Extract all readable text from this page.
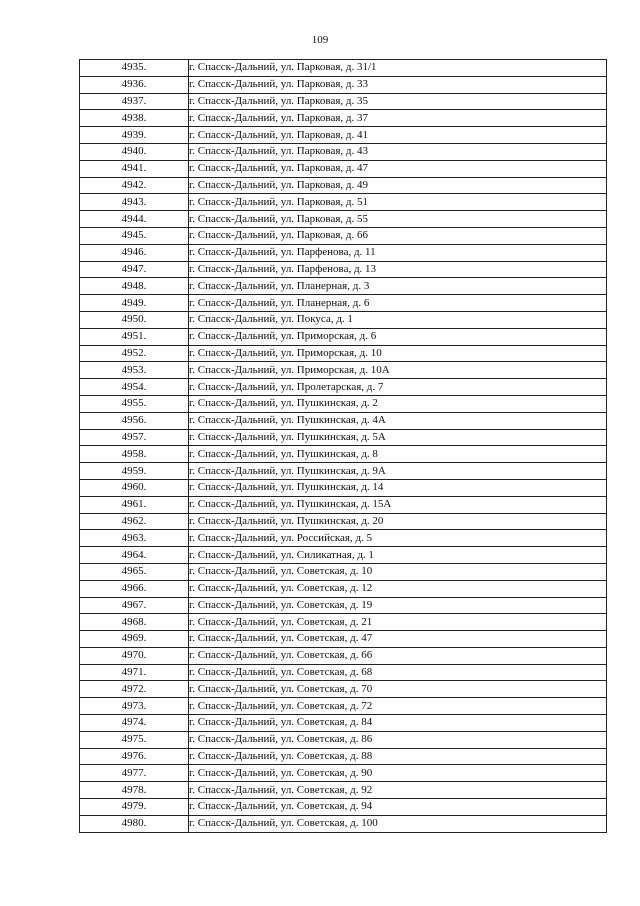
109
4935.	г. Спасск-Дальний, ул. Парковая, д. 31/1
4936.	г. Спасск-Дальний, ул. Парковая, д. 33
4937.	г. Спасск-Дальний, ул. Парковая, д. 35
4938.	г. Спасск-Дальний, ул. Парковая, д. 37
4939.	г. Спасск-Дальний, ул. Парковая, д. 41
4940.	г. Спасск-Дальний, ул. Парковая, д. 43
4941.	г. Спасск-Дальний, ул. Парковая, д. 47
4942.	г. Спасск-Дальний, ул. Парковая, д. 49
4943.	г. Спасск-Дальний, ул. Парковая, д. 51
4944.	г. Спасск-Дальний, ул. Парковая, д. 55
4945.	г. Спасск-Дальний, ул. Парковая, д. 66
4946.	г. Спасск-Дальний, ул. Парфенова, д. 11
4947.	г. Спасск-Дальний, ул. Парфенова, д. 13
4948.	г. Спасск-Дальний, ул. Планерная, д. 3
4949.	г. Спасск-Дальний, ул. Планерная, д. 6
4950.	г. Спасск-Дальний, ул. Покуса, д. 1
4951.	г. Спасск-Дальний, ул. Приморская, д. 6
4952.	г. Спасск-Дальний, ул. Приморская, д. 10
4953.	г. Спасск-Дальний, ул. Приморская, д. 10А
4954.	г. Спасск-Дальний, ул. Пролетарская, д. 7
4955.	г. Спасск-Дальний, ул. Пушкинская, д. 2
4956.	г. Спасск-Дальний, ул. Пушкинская, д. 4А
4957.	г. Спасск-Дальний, ул. Пушкинская, д. 5А
4958.	г. Спасск-Дальний, ул. Пушкинская, д. 8
4959.	г. Спасск-Дальний, ул. Пушкинская, д. 9А
4960.	г. Спасск-Дальний, ул. Пушкинская, д. 14
4961.	г. Спасск-Дальний, ул. Пушкинская, д. 15А
4962.	г. Спасск-Дальний, ул. Пушкинская, д. 20
4963.	г. Спасск-Дальний, ул. Российская, д. 5
4964.	г. Спасск-Дальний, ул. Силикатная, д. 1
4965.	г. Спасск-Дальний, ул. Советская, д. 10
4966.	г. Спасск-Дальний, ул. Советская, д. 12
4967.	г. Спасск-Дальний, ул. Советская, д. 19
4968.	г. Спасск-Дальний, ул. Советская, д. 21
4969.	г. Спасск-Дальний, ул. Советская, д. 47
4970.	г. Спасск-Дальний, ул. Советская, д. 66
4971.	г. Спасск-Дальний, ул. Советская, д. 68
4972.	г. Спасск-Дальний, ул. Советская, д. 70
4973.	г. Спасск-Дальний, ул. Советская, д. 72
4974.	г. Спасск-Дальний, ул. Советская, д. 84
4975.	г. Спасск-Дальний, ул. Советская, д. 86
4976.	г. Спасск-Дальний, ул. Советская, д. 88
4977.	г. Спасск-Дальний, ул. Советская, д. 90
4978.	г. Спасск-Дальний, ул. Советская, д. 92
4979.	г. Спасск-Дальний, ул. Советская, д. 94
4980.	г. Спасск-Дальний, ул. Советская, д. 100
